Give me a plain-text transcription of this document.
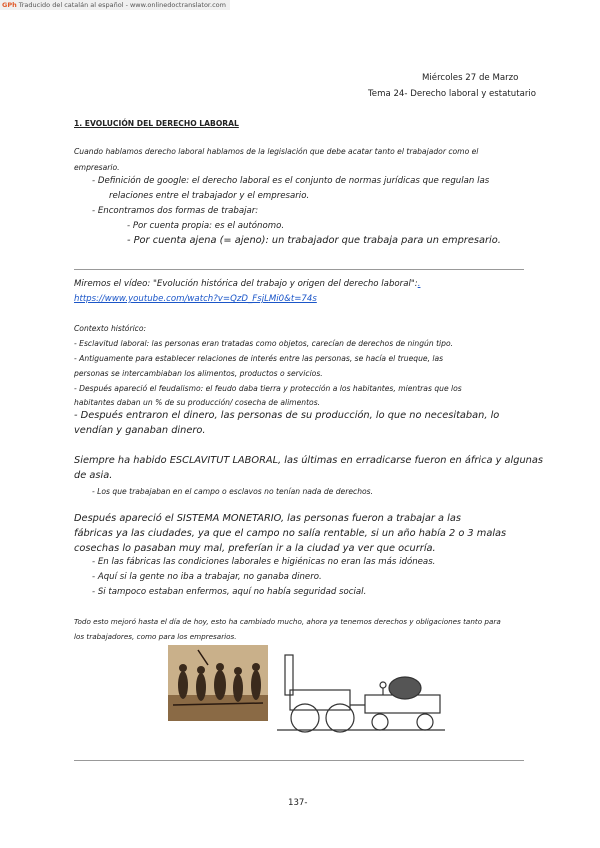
GPh Traducido del catalán al español - www.onlinedoctranslator.com
Miércoles 27 de Marzo
Tema 24- Derecho laboral y estatutario
1. EVOLUCIÓN DEL DERECHO LABORAL
Cuando hablamos derecho laboral hablamos de la legislación que debe acatar tanto el trabajador como el
empresario.
- Definición de google: el derecho laboral es el conjunto de normas jurídicas que regulan las
relaciones entre el trabajador y el empresario.
- Encontramos dos formas de trabajar:
- Por cuenta propia: es el autónomo.
- Por cuenta ajena (= ajeno): un trabajador que trabaja para un empresario.
Miremos el vídeo: "Evolución histórica del trabajo y origen del derecho laboral":.
https://www.youtube.com/watch?v=QzD_FsjLMi0&t=74s
Contexto histórico:
- Esclavitud laboral: las personas eran tratadas como objetos, carecían de derechos de ningún tipo.
- Antiguamente para establecer relaciones de interés entre las personas, se hacía el trueque, las
personas se intercambiaban los alimentos, productos o servicios.
- Después apareció el feudalismo: el feudo daba tierra y protección a los habitantes, mientras que los
habitantes daban un % de su producción/ cosecha de alimentos.
- Después entraron el dinero, las personas de su producción, lo que no necesitaban, lo
vendían y ganaban dinero.
Siempre ha habido ESCLAVITUT LABORAL, las últimas en erradicarse fueron en áfrica y algunas
de asia.
- Los que trabajaban en el campo o esclavos no tenían nada de derechos.
Después apareció el SISTEMA MONETARIO, las personas fueron a trabajar a las
fábricas ya las ciudades, ya que el campo no salía rentable, si un año había 2 o 3 malas
cosechas lo pasaban muy mal, preferían ir a la ciudad ya ver que ocurría.
- En las fábricas las condiciones laborales e higiénicas no eran las más idóneas.
- Aquí si la gente no iba a trabajar, no ganaba dinero.
- Si tampoco estaban enfermos, aquí no había seguridad social.
Todo esto mejoró hasta el día de hoy, esto ha cambiado mucho, ahora ya tenemos derechos y obligaciones tanto para
los trabajadores, como para los empresarios.
137-
